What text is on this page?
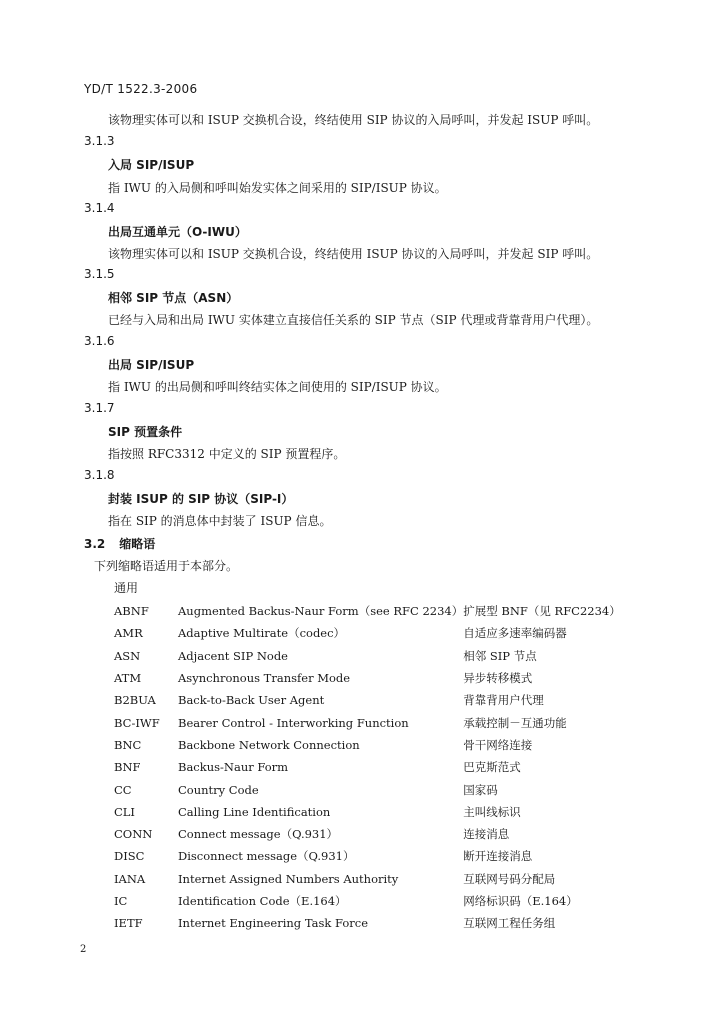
YD/T 1522.3-2006
该物理实体可以和 ISUP 交换机合设，终结使用 SIP 协议的入局呼叫，并发起 ISUP 呼叫。
3.1.3
入局 SIP/ISUP
指 IWU 的入局侧和呼叫始发实体之间采用的 SIP/ISUP 协议。
3.1.4
出局互通单元（O-IWU）
该物理实体可以和 ISUP 交换机合设，终结使用 ISUP 协议的入局呼叫，并发起 SIP 呼叫。
3.1.5
相邻 SIP 节点（ASN）
已经与入局和出局 IWU 实体建立直接信任关系的 SIP 节点（SIP 代理或背靠背用户代理）。
3.1.6
出局 SIP/ISUP
指 IWU 的出局侧和呼叫终结实体之间使用的 SIP/ISUP 协议。
3.1.7
SIP 预置条件
指按照 RFC3312 中定义的 SIP 预置程序。
3.1.8
封装 ISUP 的 SIP 协议（SIP-I）
指在 SIP 的消息体中封装了 ISUP 信息。
3.2 缩略语
下列缩略语适用于本部分。
通用
ABNF	Augmented Backus-Naur Form（see RFC 2234）	扩展型 BNF（见 RFC2234）
AMR	Adaptive Multirate（codec）	自适应多速率编码器
ASN	Adjacent SIP Node	相邻 SIP 节点
ATM	Asynchronous Transfer Mode	异步转移模式
B2BUA	Back-to-Back User Agent	背靠背用户代理
BC-IWF	Bearer Control - Interworking Function	承载控制－互通功能
BNC	Backbone Network Connection	骨干网络连接
BNF	Backus-Naur Form	巴克斯范式
CC	Country Code	国家码
CLI	Calling Line Identification	主叫线标识
CONN	Connect message（Q.931）	连接消息
DISC	Disconnect message（Q.931）	断开连接消息
IANA	Internet Assigned Numbers Authority	互联网号码分配局
IC	Identification Code（E.164）	网络标识码（E.164）
IETF	Internet Engineering Task Force	互联网工程任务组
2
